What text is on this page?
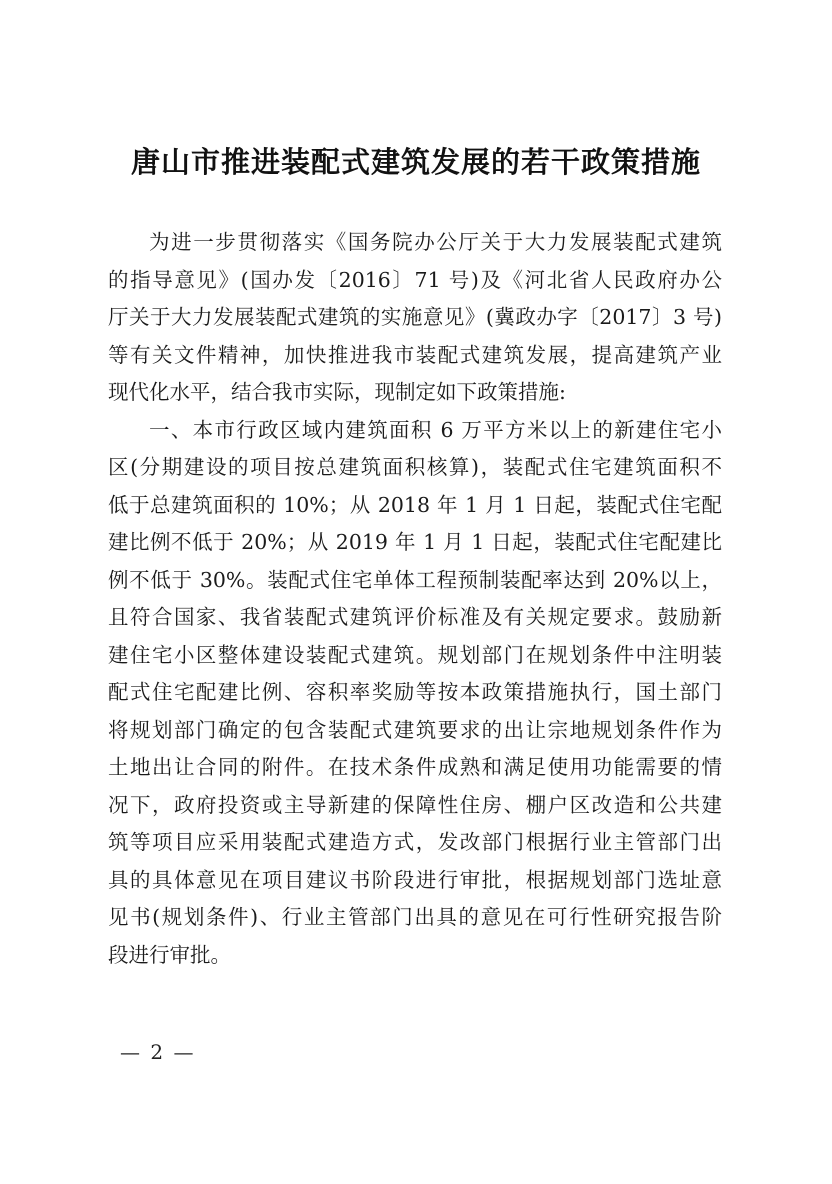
唐山市推进装配式建筑发展的若干政策措施
为进一步贯彻落实《国务院办公厅关于大力发展装配式建筑
的指导意见》(国办发〔2016〕71 号)及《河北省人民政府办公
厅关于大力发展装配式建筑的实施意见》(冀政办字〔2017〕3 号)
等有关文件精神，加快推进我市装配式建筑发展，提高建筑产业
现代化水平，结合我市实际，现制定如下政策措施:
一、本市行政区域内建筑面积 6 万平方米以上的新建住宅小
区(分期建设的项目按总建筑面积核算)，装配式住宅建筑面积不
低于总建筑面积的 10%；从 2018 年 1 月 1 日起，装配式住宅配
建比例不低于 20%；从 2019 年 1 月 1 日起，装配式住宅配建比
例不低于 30%。装配式住宅单体工程预制装配率达到 20%以上，
且符合国家、我省装配式建筑评价标准及有关规定要求。鼓励新
建住宅小区整体建设装配式建筑。规划部门在规划条件中注明装
配式住宅配建比例、容积率奖励等按本政策措施执行，国土部门
将规划部门确定的包含装配式建筑要求的出让宗地规划条件作为
土地出让合同的附件。在技术条件成熟和满足使用功能需要的情
况下，政府投资或主导新建的保障性住房、棚户区改造和公共建
筑等项目应采用装配式建造方式，发改部门根据行业主管部门出
具的具体意见在项目建议书阶段进行审批，根据规划部门选址意
见书(规划条件)、行业主管部门出具的意见在可行性研究报告阶
段进行审批。
— 2 —
